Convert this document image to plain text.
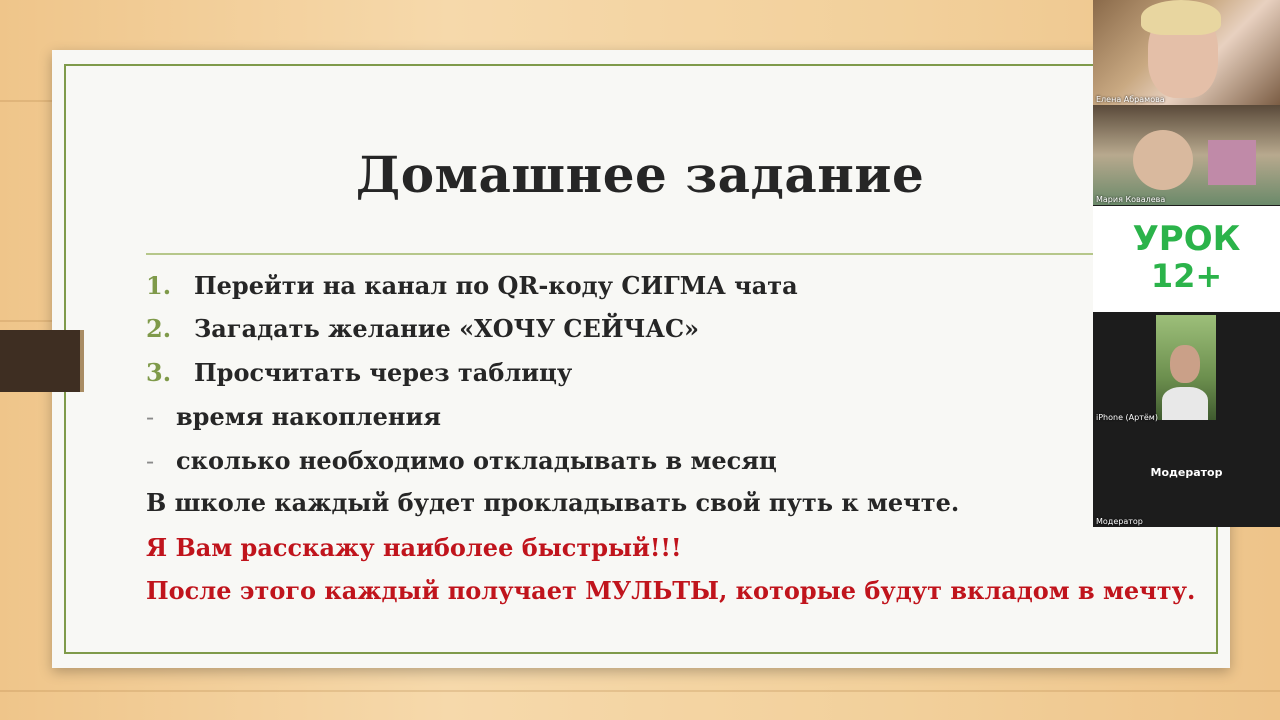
Домашнее задание
1. Перейти на канал по QR-коду СИГМА чата
2. Загадать желание «ХОЧУ СЕЙЧАС»
3. Просчитать через таблицу
- время накопления
- сколько необходимо откладывать в месяц
В школе каждый будет прокладывать свой путь к мечте.
Я Вам расскажу наиболее быстрый!!!
После этого каждый получает МУЛЬТЫ, которые будут вкладом в мечту.
Елена Абрамова
Мария Ковалева
iPhone (Артём)
Модератор
Модератор
УРОК
12+
